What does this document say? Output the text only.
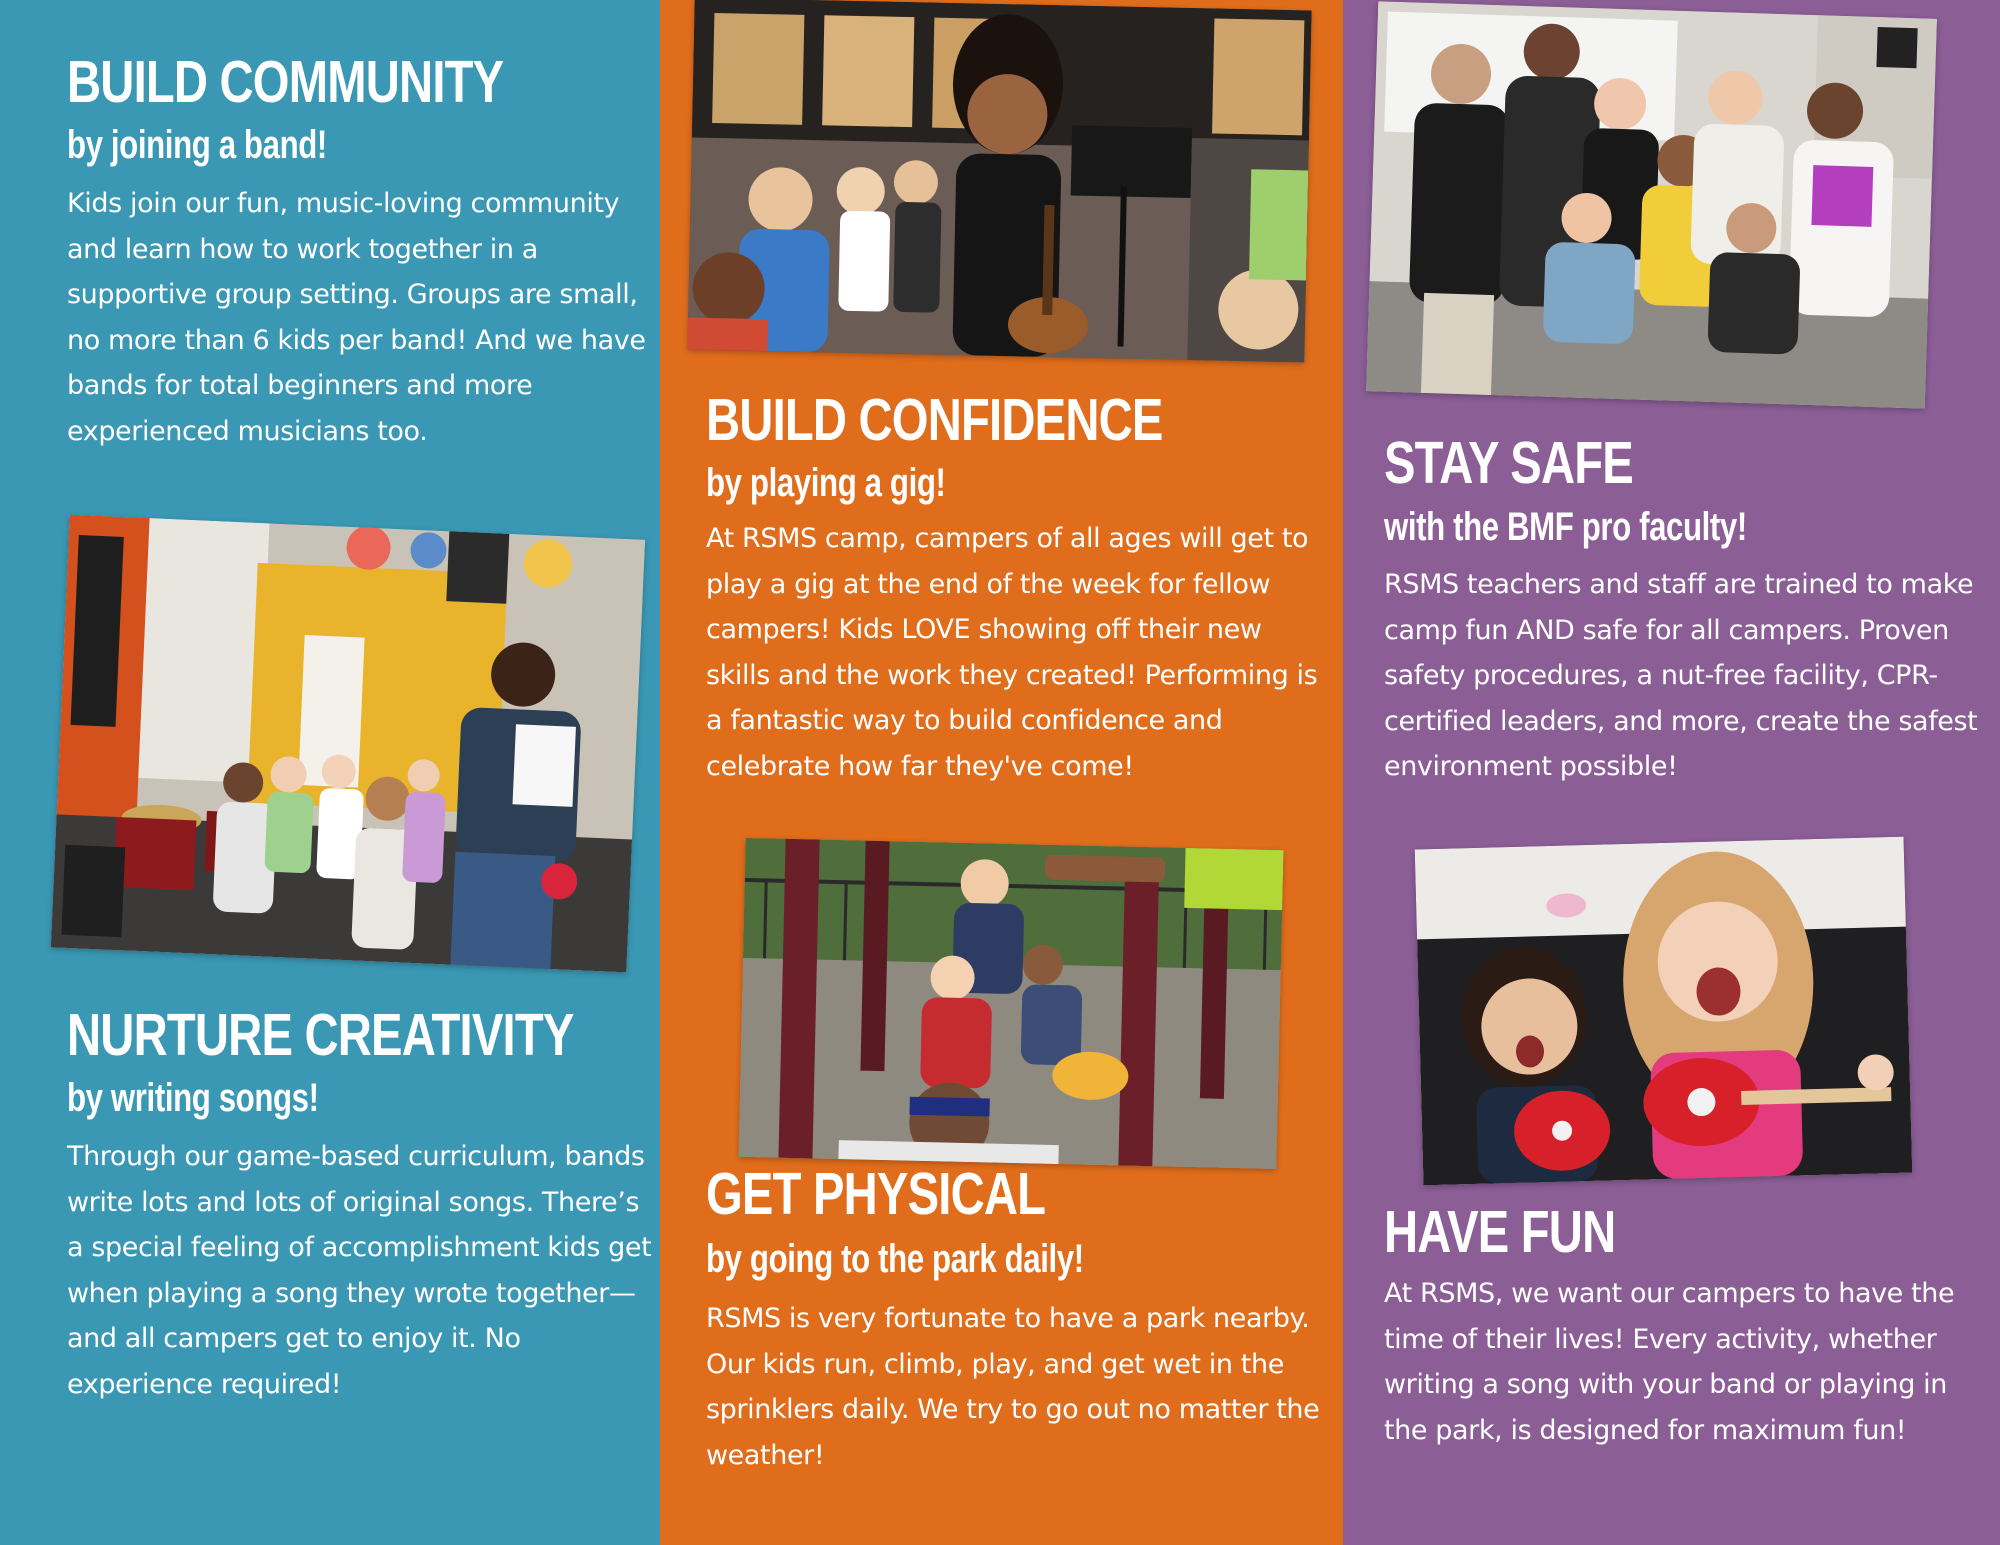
BUILD COMMUNITY
by joining a band!

Kids join our fun, music-loving community and learn how to work together in a supportive group setting. Groups are small, no more than 6 kids per band! And we have bands for total beginners and more experienced musicians too.

NURTURE CREATIVITY
by writing songs!

Through our game-based curriculum, bands write lots and lots of original songs. There’s a special feeling of accomplishment kids get when playing a song they wrote together—and all campers get to enjoy it. No experience required!

BUILD CONFIDENCE
by playing a gig!

At RSMS camp, campers of all ages will get to play a gig at the end of the week for fellow campers! Kids LOVE showing off their new skills and the work they created! Performing is a fantastic way to build confidence and celebrate how far they've come!

GET PHYSICAL
by going to the park daily!

RSMS is very fortunate to have a park nearby. Our kids run, climb, play, and get wet in the sprinklers daily. We try to go out no matter the weather!

STAY SAFE
with the BMF pro faculty!

RSMS teachers and staff are trained to make camp fun AND safe for all campers. Proven safety procedures, a nut-free facility, CPR-certified leaders, and more, create the safest environment possible!

HAVE FUN

At RSMS, we want our campers to have the time of their lives! Every activity, whether writing a song with your band or playing in the park, is designed for maximum fun!
